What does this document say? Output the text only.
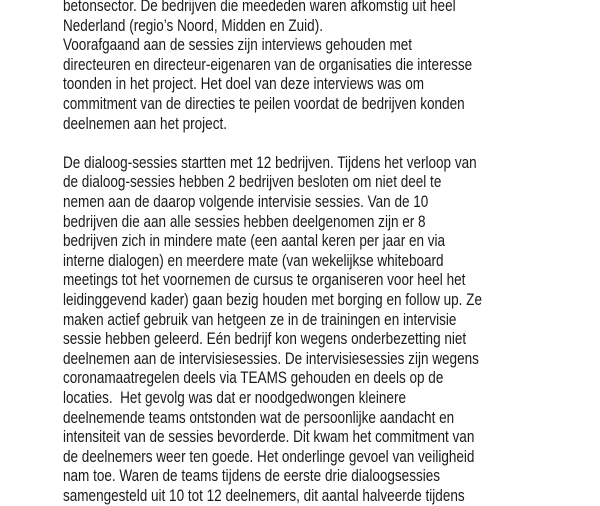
betonsector. De bedrijven die meededen waren afkomstig uit heel
Nederland (regio’s Noord, Midden en Zuid).
Voorafgaand aan de sessies zijn interviews gehouden met
directeuren en directeur-eigenaren van de organisaties die interesse
toonden in het project. Het doel van deze interviews was om
commitment van de directies te peilen voordat de bedrijven konden
deelnemen aan het project.
De dialoog-sessies startten met 12 bedrijven. Tijdens het verloop van
de dialoog-sessies hebben 2 bedrijven besloten om niet deel te
nemen aan de daarop volgende intervisie sessies. Van de 10
bedrijven die aan alle sessies hebben deelgenomen zijn er 8
bedrijven zich in mindere mate (een aantal keren per jaar en via
interne dialogen) en meerdere mate (van wekelijkse whiteboard
meetings tot het voornemen de cursus te organiseren voor heel het
leidinggevend kader) gaan bezig houden met borging en follow up. Ze
maken actief gebruik van hetgeen ze in de trainingen en intervisie
sessie hebben geleerd. Eén bedrijf kon wegens onderbezetting niet
deelnemen aan de intervisiesessies. De intervisiesessies zijn wegens
coronamaatregelen deels via TEAMS gehouden en deels op de
locaties.  Het gevolg was dat er noodgedwongen kleinere
deelnemende teams ontstonden wat de persoonlijke aandacht en
intensiteit van de sessies bevorderde. Dit kwam het commitment van
de deelnemers weer ten goede. Het onderlinge gevoel van veiligheid
nam toe. Waren de teams tijdens de eerste drie dialoogsessies
samengesteld uit 10 tot 12 deelnemers, dit aantal halveerde tijdens
